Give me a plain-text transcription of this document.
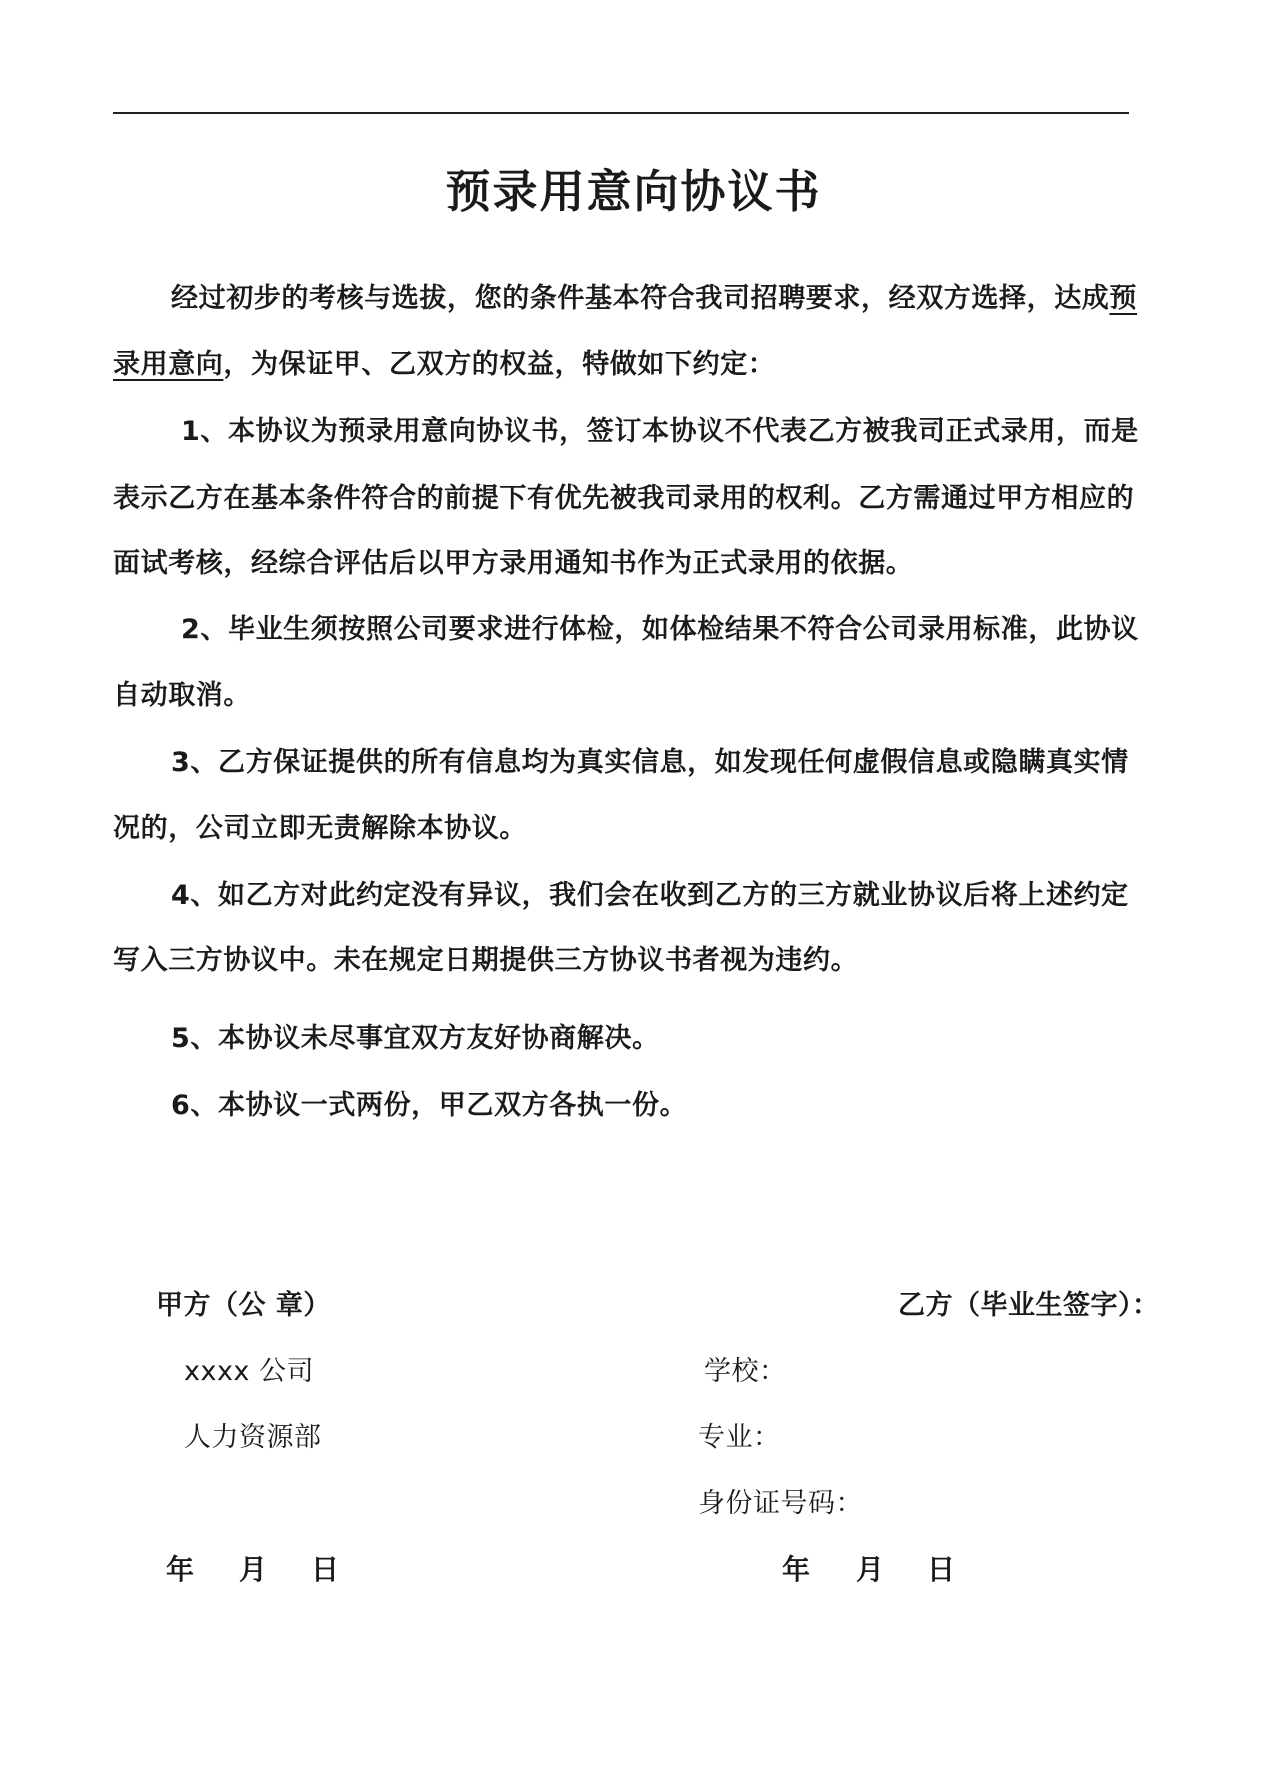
预录用意向协议书
经过初步的考核与选拔，您的条件基本符合我司招聘要求，经双方选择，达成预
录用意向，为保证甲、乙双方的权益，特做如下约定：
1、本协议为预录用意向协议书，签订本协议不代表乙方被我司正式录用，而是
表示乙方在基本条件符合的前提下有优先被我司录用的权利。乙方需通过甲方相应的
面试考核，经综合评估后以甲方录用通知书作为正式录用的依据。
2、毕业生须按照公司要求进行体检，如体检结果不符合公司录用标准，此协议
自动取消。
3、乙方保证提供的所有信息均为真实信息，如发现任何虚假信息或隐瞒真实情
况的，公司立即无责解除本协议。
4、如乙方对此约定没有异议，我们会在收到乙方的三方就业协议后将上述约定
写入三方协议中。未在规定日期提供三方协议书者视为违约。
5、本协议未尽事宜双方友好协商解决。
6、本协议一式两份，甲乙双方各执一份。
甲方（公 章）
xxxx 公司
人力资源部
乙方（毕业生签字）：
学校：
专业：
身份证号码：
年 月 日	年 月 日
